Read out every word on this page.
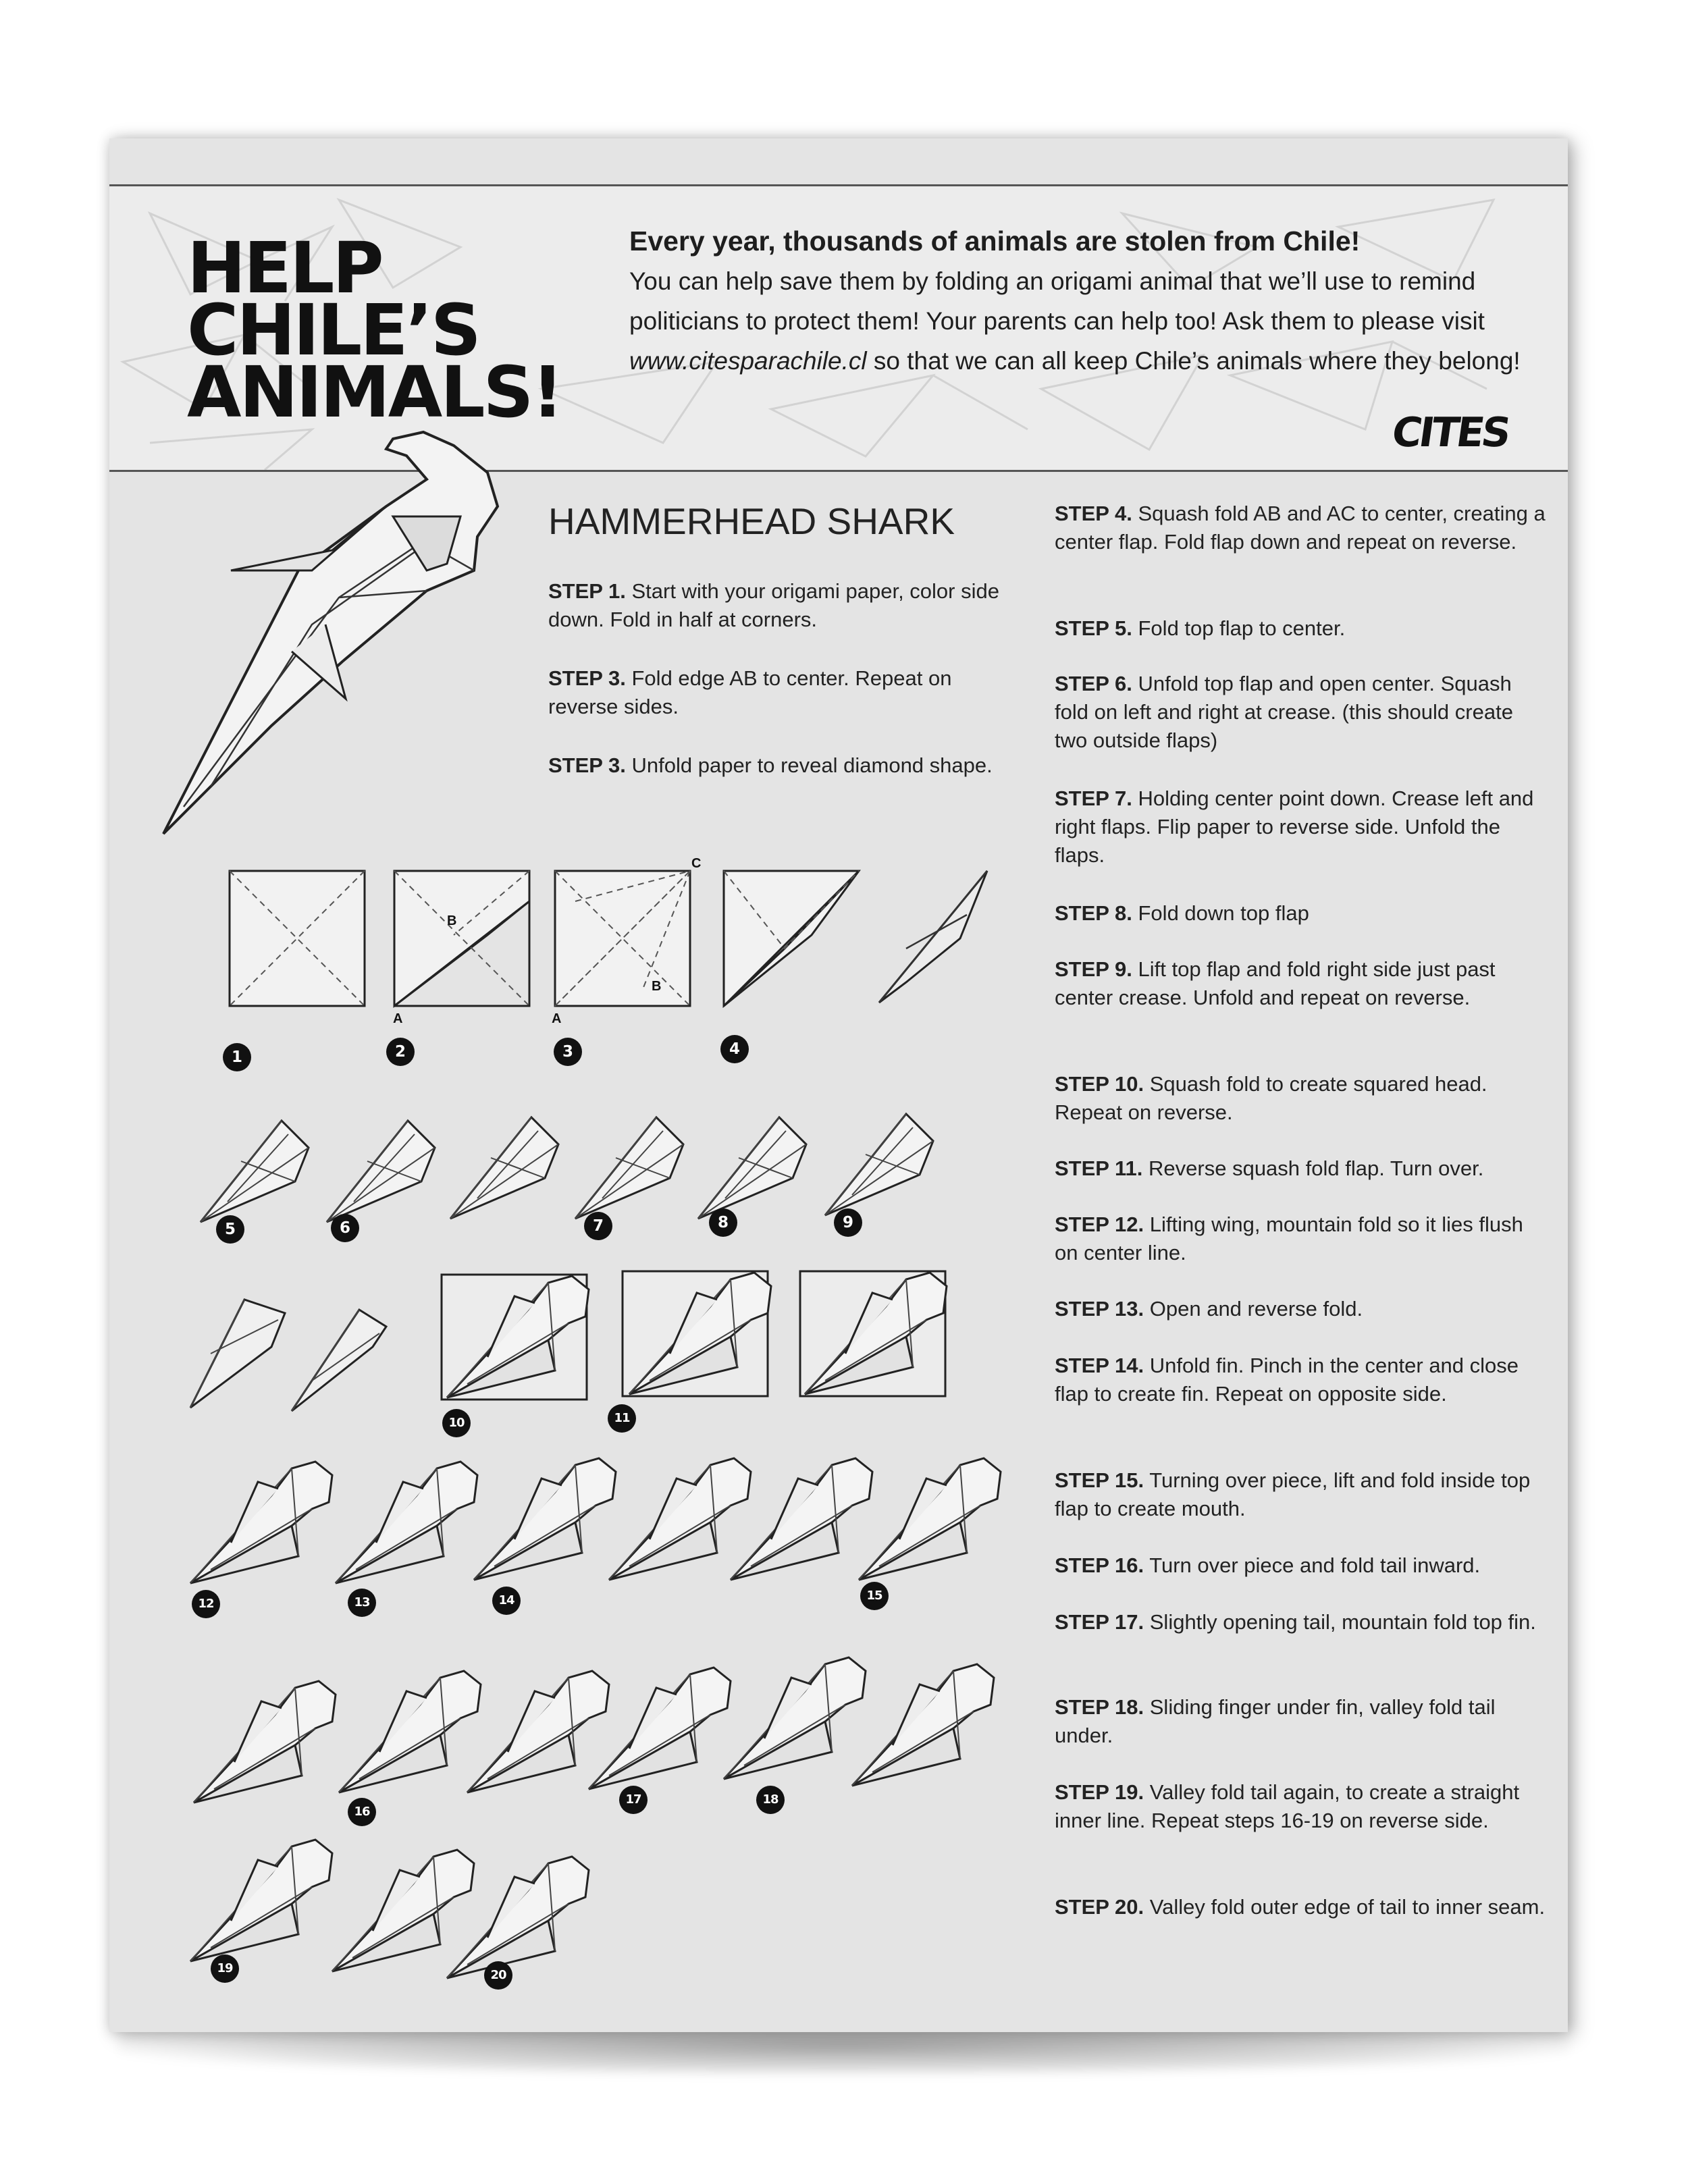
HELP
CHILE’S
ANIMALS!
Every year, thousands of animals are stolen from Chile!
You can help save them by folding an origami animal that we’ll use to remind politicians to protect them! Your parents can help too! Ask them to please visit www.citesparachile.cl so that we can all keep Chile’s animals where they belong!
CITES
HAMMERHEAD SHARK

STEP 1. Start with your origami paper, color side down. Fold in half at corners.

STEP 3. Fold edge AB to center. Repeat on reverse sides.

STEP 3. Unfold paper to reveal diamond shape.

STEP 4. Squash fold AB and AC to center, creating a center flap. Fold flap down and repeat on reverse.

STEP 5. Fold top flap to center.

STEP 6. Unfold top flap and open center. Squash fold on left and right at crease. (this should create two outside flaps)

STEP 7. Holding center point down. Crease left and right flaps. Flip paper to reverse side. Unfold the flaps.

STEP 8. Fold down top flap

STEP 9. Lift top flap and fold right side just past center crease. Unfold and repeat on reverse.

STEP 10. Squash fold to create squared head. Repeat on reverse.

STEP 11. Reverse squash fold flap. Turn over.

STEP 12. Lifting wing, mountain fold so it lies flush on center line.

STEP 13. Open and reverse fold.

STEP 14. Unfold fin. Pinch in the center and close flap to create fin. Repeat on opposite side.

STEP 15. Turning over piece, lift and fold inside top flap to create mouth.

STEP 16. Turn over piece and fold tail inward.

STEP 17. Slightly opening tail, mountain fold top fin.

STEP 18. Sliding finger under fin, valley fold tail under.

STEP 19. Valley fold tail again, to create a straight inner line. Repeat steps 16-19 on reverse side.

STEP 20. Valley fold outer edge of tail to inner seam.

B
A
C
B
A
1	2	3	4
5	6	7	8	9
10	11
12	13	14	15
16
17	18
19	20
